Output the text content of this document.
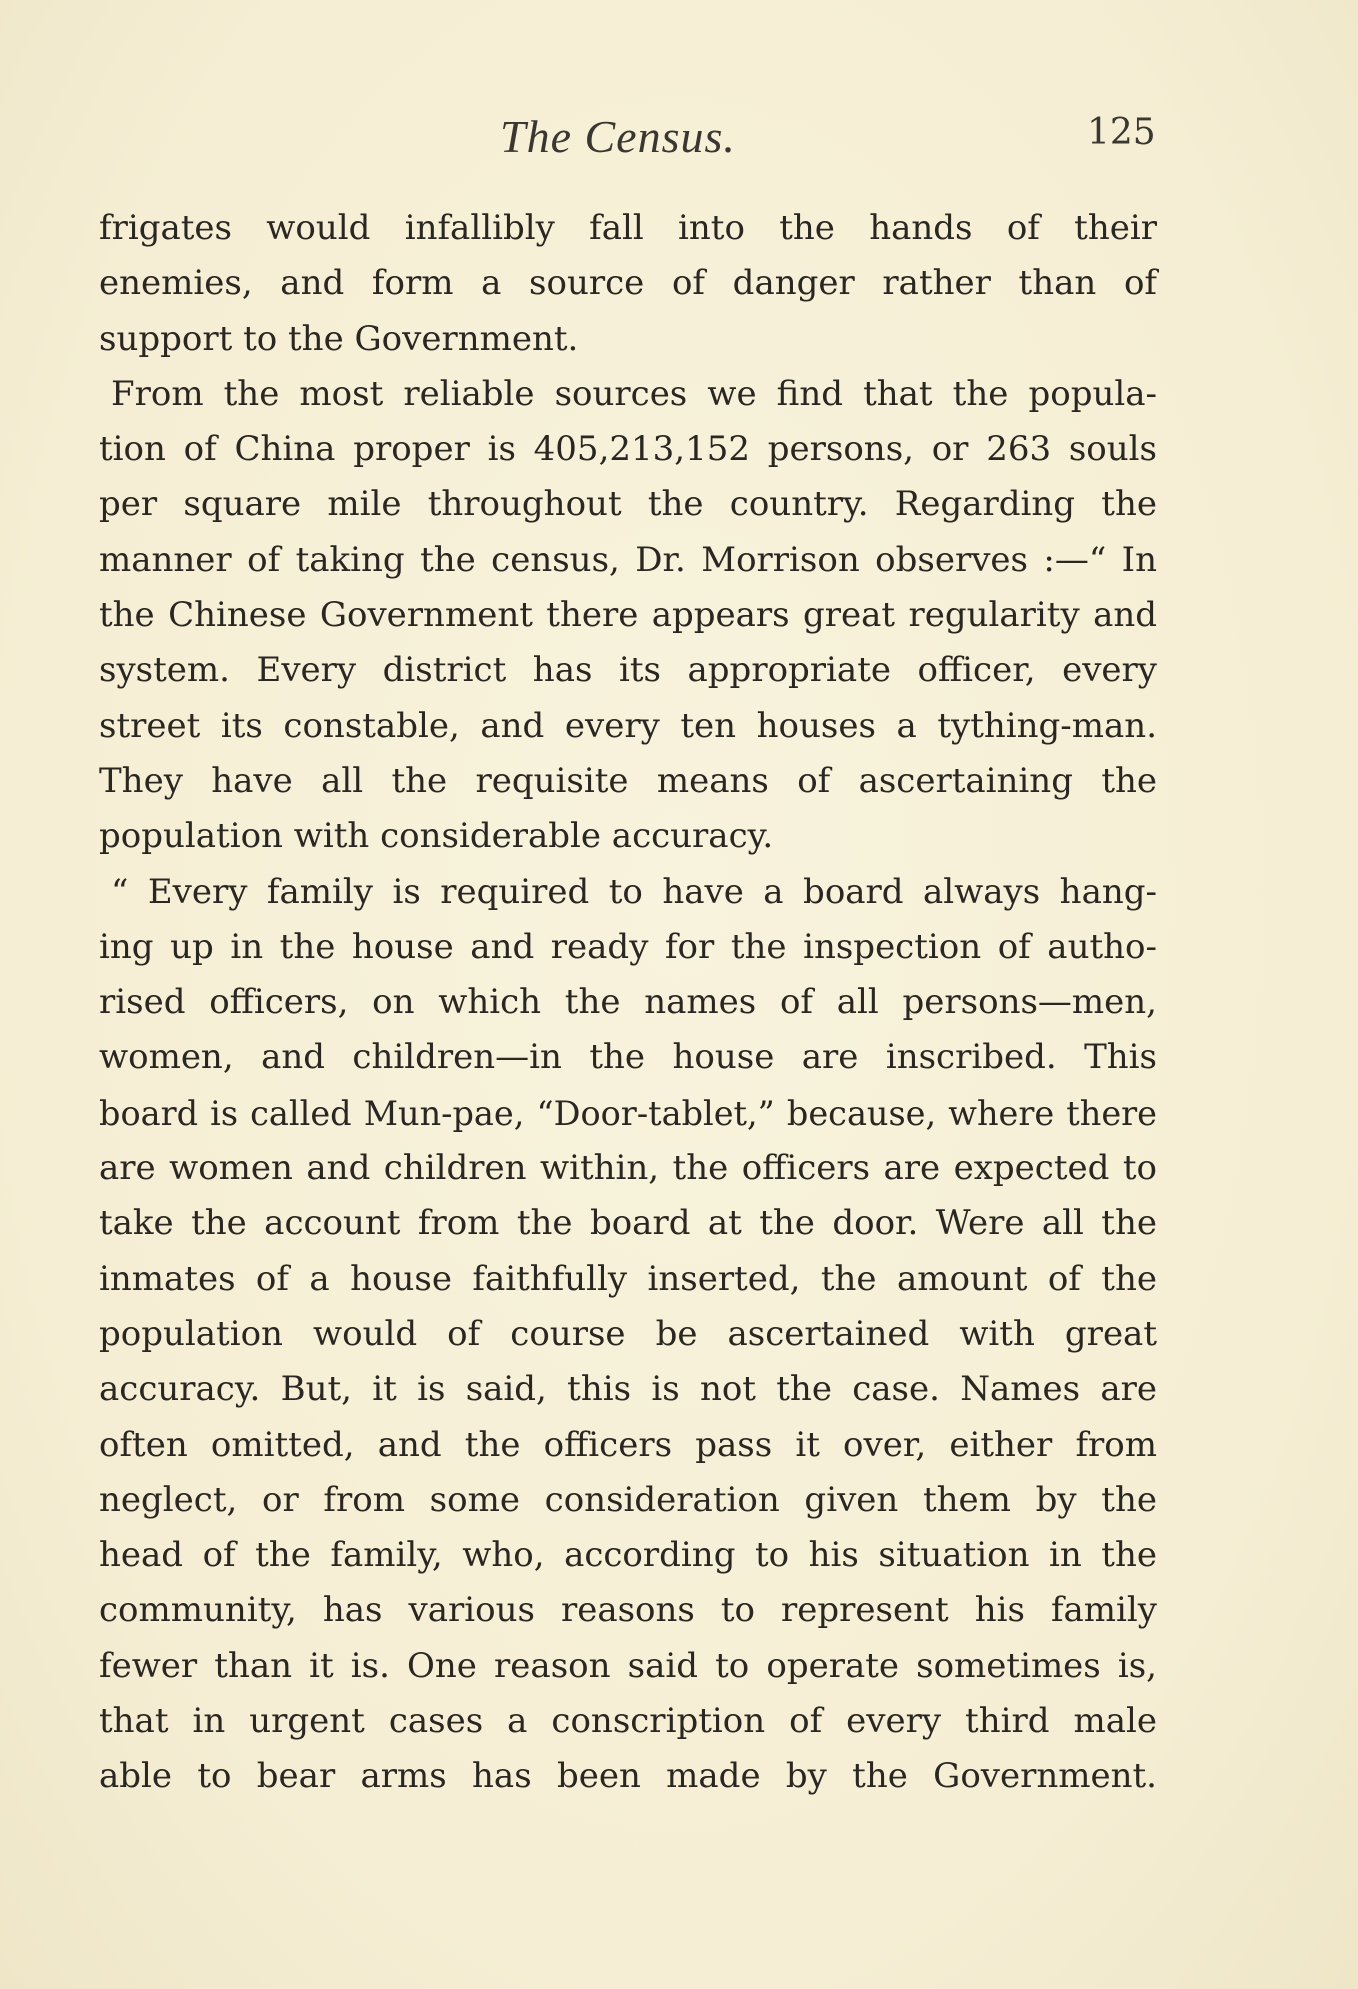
The Census.	125
frigates would infallibly fall into the hands of their
enemies, and form a source of danger rather than of
support to the Government.
From the most reliable sources we find that the popula-
tion of China proper is 405,213,152 persons, or 263 souls
per square mile throughout the country. Regarding the
manner of taking the census, Dr. Morrison observes :—“ In
the Chinese Government there appears great regularity and
system. Every district has its appropriate officer, every
street its constable, and every ten houses a tything-man.
They have all the requisite means of ascertaining the
population with considerable accuracy.
“ Every family is required to have a board always hang-
ing up in the house and ready for the inspection of autho-
rised officers, on which the names of all persons—men,
women, and children—in the house are inscribed. This
board is called Mun-pae, “Door-tablet,” because, where there
are women and children within, the officers are expected to
take the account from the board at the door. Were all the
inmates of a house faithfully inserted, the amount of the
population would of course be ascertained with great
accuracy. But, it is said, this is not the case. Names are
often omitted, and the officers pass it over, either from
neglect, or from some consideration given them by the
head of the family, who, according to his situation in the
community, has various reasons to represent his family
fewer than it is. One reason said to operate sometimes is,
that in urgent cases a conscription of every third male
able to bear arms has been made by the Government.
